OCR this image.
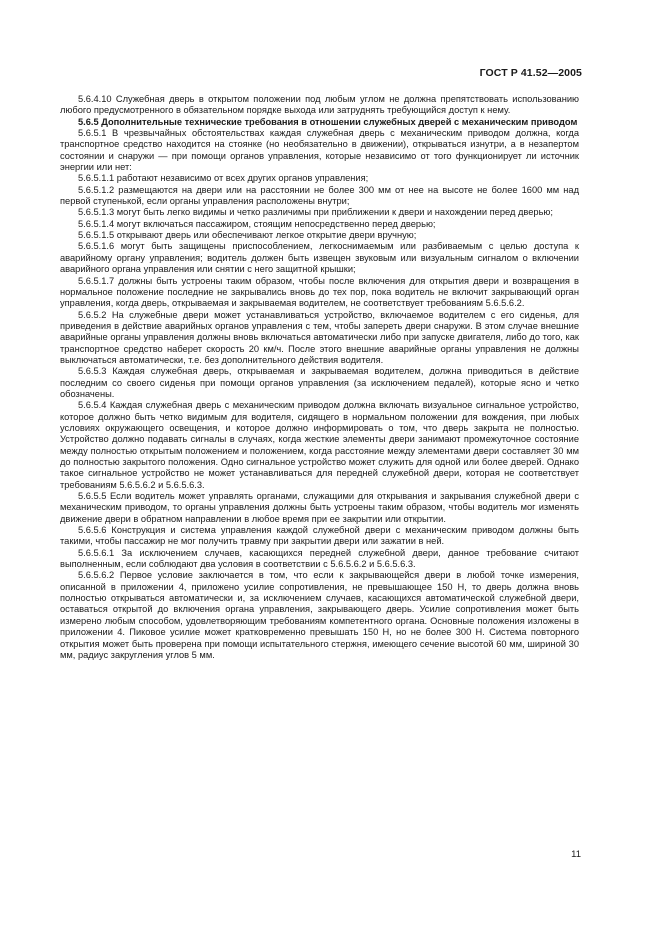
ГОСТ Р 41.52—2005

5.6.4.10 Служебная дверь в открытом положении под любым углом не должна препятствовать использованию любого предусмотренного в обязательном порядке выхода или затруднять требующийся доступ к нему.

5.6.5 Дополнительные технические требования в отношении служебных дверей с механическим приводом

5.6.5.1 В чрезвычайных обстоятельствах каждая служебная дверь с механическим приводом должна, когда транспортное средство находится на стоянке (но необязательно в движении), открываться изнутри, а в незапертом состоянии и снаружи — при помощи органов управления, которые независимо от того функционирует ли источник энергии или нет:

5.6.5.1.1 работают независимо от всех других органов управления;

5.6.5.1.2 размещаются на двери или на расстоянии не более 300 мм от нее на высоте не более 1600 мм над первой ступенькой, если органы управления расположены внутри;

5.6.5.1.3 могут быть легко видимы и четко различимы при приближении к двери и нахождении перед дверью;

5.6.5.1.4 могут включаться пассажиром, стоящим непосредственно перед дверью;

5.6.5.1.5 открывают дверь или обеспечивают легкое открытие двери вручную;

5.6.5.1.6 могут быть защищены приспособлением, легкоснимаемым или разбиваемым с целью доступа к аварийному органу управления; водитель должен быть извещен звуковым или визуальным сигналом о включении аварийного органа управления или снятии с него защитной крышки;

5.6.5.1.7 должны быть устроены таким образом, чтобы после включения для открытия двери и возвращения в нормальное положение последние не закрывались вновь до тех пор, пока водитель не включит закрывающий орган управления, когда дверь, открываемая и закрываемая водителем, не соответствует требованиям 5.6.5.6.2.

5.6.5.2 На служебные двери может устанавливаться устройство, включаемое водителем с его сиденья, для приведения в действие аварийных органов управления с тем, чтобы запереть двери снаружи. В этом случае внешние аварийные органы управления должны вновь включаться автоматически либо при запуске двигателя, либо до того, как транспортное средство наберет скорость 20 км/ч. После этого внешние аварийные органы управления не должны выключаться автоматически, т.е. без дополнительного действия водителя.

5.6.5.3 Каждая служебная дверь, открываемая и закрываемая водителем, должна приводиться в действие последним со своего сиденья при помощи органов управления (за исключением педалей), которые ясно и четко обозначены.

5.6.5.4 Каждая служебная дверь с механическим приводом должна включать визуальное сигнальное устройство, которое должно быть четко видимым для водителя, сидящего в нормальном положении для вождения, при любых условиях окружающего освещения, и которое должно информировать о том, что дверь закрыта не полностью. Устройство должно подавать сигналы в случаях, когда жесткие элементы двери занимают промежуточное состояние между полностью открытым положением и положением, когда расстояние между элементами двери составляет 30 мм до полностью закрытого положения. Одно сигнальное устройство может служить для одной или более дверей. Однако такое сигнальное устройство не может устанавливаться для передней служебной двери, которая не соответствует требованиям 5.6.5.6.2 и 5.6.5.6.3.

5.6.5.5 Если водитель может управлять органами, служащими для открывания и закрывания служебной двери с механическим приводом, то органы управления должны быть устроены таким образом, чтобы водитель мог изменять движение двери в обратном направлении в любое время при ее закрытии или открытии.

5.6.5.6 Конструкция и система управления каждой служебной двери с механическим приводом должны быть такими, чтобы пассажир не мог получить травму при закрытии двери или зажатии в ней.

5.6.5.6.1 За исключением случаев, касающихся передней служебной двери, данное требование считают выполненным, если соблюдают два условия в соответствии с 5.6.5.6.2 и 5.6.5.6.3.

5.6.5.6.2 Первое условие заключается в том, что если к закрывающейся двери в любой точке измерения, описанной в приложении 4, приложено усилие сопротивления, не превышающее 150 Н, то дверь должна вновь полностью открываться автоматически и, за исключением случаев, касающихся автоматической служебной двери, оставаться открытой до включения органа управления, закрывающего дверь. Усилие сопротивления может быть измерено любым способом, удовлетворяющим требованиям компетентного органа. Основные положения изложены в приложении 4. Пиковое усилие может кратковременно превышать 150 Н, но не более 300 Н. Система повторного открытия может быть проверена при помощи испытательного стержня, имеющего сечение высотой 60 мм, шириной 30 мм, радиус закругления углов 5 мм.

11
